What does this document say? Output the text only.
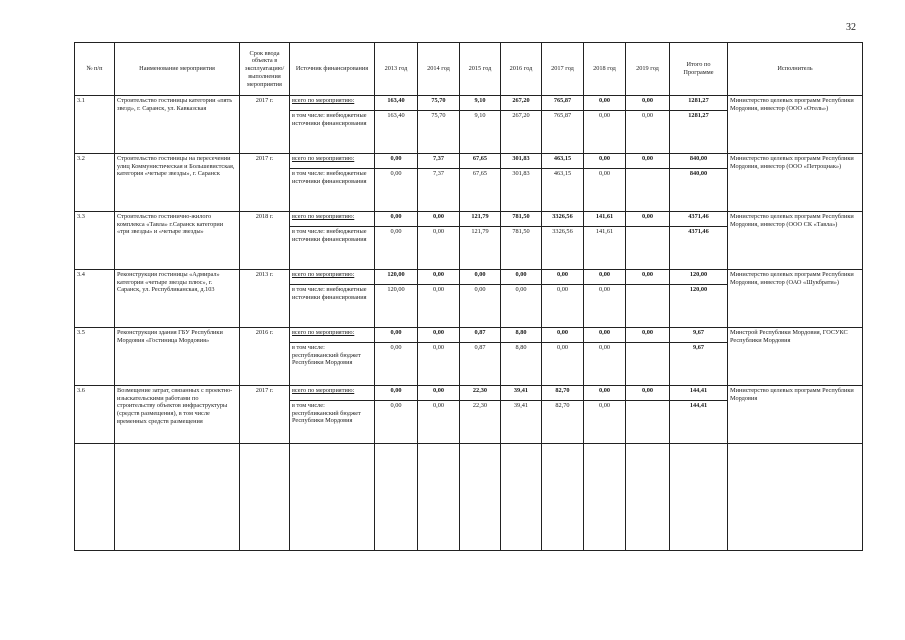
32
№ п/п	Наименование мероприятия	Срок ввода объекта в эксплуатацию/ выполнения мероприятия	Источник финансирования	2013 год	2014 год	2015 год	2016 год	2017 год	2018 год	2019 год	Итого по Программе	Исполнитель
3.1	Строительство гостиницы категории «пять звезд», г. Саранск, ул. Кавказская	2017 г.	всего по мероприятию:	163,40	75,70	9,10	267,20	765,87	0,00	0,00	1281,27	Министерство целевых программ Республики Мордовия, инвестор (ООО «Отель»)
			в том числе: внебюджетные источники финансирования	163,40	75,70	9,10	267,20	765,87	0,00	0,00	1281,27	
3.2	Строительство гостиницы на пересечении улиц Коммунистическая и Большевистская, категория «четыре звезды», г. Саранск	2017 г.	всего по мероприятию:	0,00	7,37	67,65	301,83	463,15	0,00	0,00	840,00	Министерство целевых программ Республики Мордовия, инвестор (ООО «Петроцнак»)
			в том числе: внебюджетные источники финансирования	0,00	7,37	67,65	301,83	463,15	0,00		840,00	
3.3	Строительство гостинично-жилого комплекса «Тавла» г.Саранск категории «три звезды» и «четыре звезды»	2018 г.	всего по мероприятию:	0,00	0,00	121,79	781,50	3326,56	141,61	0,00	4371,46	Министерство целевых программ Республики Мордовия, инвестор (ООО СК «Тавла»)
			в том числе: внебюджетные источники финансирования	0,00	0,00	121,79	781,50	3326,56	141,61		4371,46	
3.4	Реконструкция гостиницы «Адмирал» категории «четыре звезды плюс», г. Саранск, ул. Республиканская, д.103	2013 г.	всего по мероприятию:	120,00	0,00	0,00	0,00	0,00	0,00	0,00	120,00	Министерство целевых программ Республики Мордовия, инвестор (ОАО «Шукбрати»)
			в том числе: внебюджетные источники финансирования	120,00	0,00	0,00	0,00	0,00	0,00		120,00	
3.5	Реконструкция здания ГБУ Республики Мордовия «Гостиница Мордовия»	2016 г.	всего по мероприятию:	0,00	0,00	0,87	8,80	0,00	0,00	0,00	9,67	Минстрой Республики Мордовия, ГОСУКС Республики Мордовия
			в том числе: республиканский бюджет Республики Мордовия	0,00	0,00	0,87	8,80	0,00	0,00		9,67	
3.6	Возмещение затрат, связанных с проектно-изыскательскими работами по строительству объектов инфраструктуры (средств размещения), в том числе временных средств размещения	2017 г.	всего по мероприятию:	0,00	0,00	22,30	39,41	82,70	0,00	0,00	144,41	Министерство целевых программ Республики Мордовия
			в том числе: республиканский бюджет Республики Мордовия	0,00	0,00	22,30	39,41	82,70	0,00		144,41	
